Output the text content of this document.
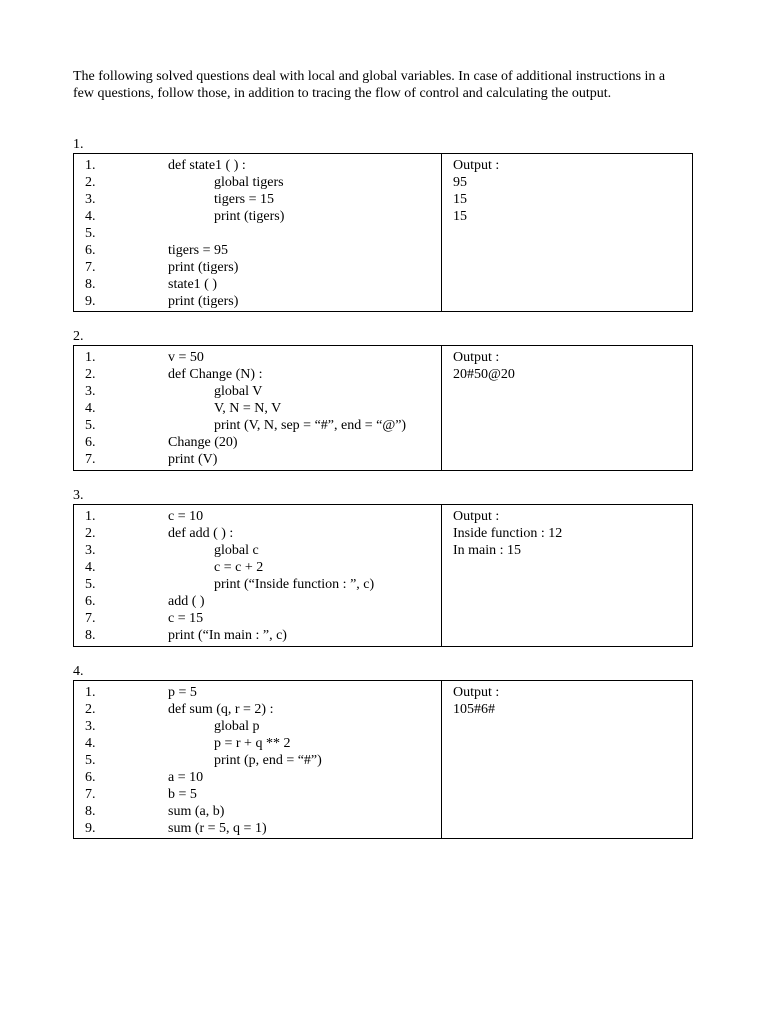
The following solved questions deal with local and global variables. In case of additional instructions in a few questions, follow those, in addition to tracing the flow of control and calculating the output.
1.
1.	def state1 ( ) :
2.	global tigers
3.	tigers = 15
4.	print (tigers)
5.
6.	tigers = 95
7.	print (tigers)
8.	state1 ( )
9.	print (tigers)
Output :
95
15
15
2.
1.	v = 50
2.	def Change (N) :
3.	global V
4.	V, N = N, V
5.	print (V, N, sep = “#”, end = “@”)
6.	Change (20)
7.	print (V)
Output :
20#50@20
3.
1.	c = 10
2.	def add ( ) :
3.	global c
4.	c = c + 2
5.	print (“Inside function : ”, c)
6.	add ( )
7.	c = 15
8.	print (“In main : ”, c)
Output :
Inside function : 12
In main : 15
4.
1.	p = 5
2.	def sum (q, r = 2) :
3.	global p
4.	p = r + q ** 2
5.	print (p, end = “#”)
6.	a = 10
7.	b = 5
8.	sum (a, b)
9.	sum (r = 5, q = 1)
Output :
105#6#
